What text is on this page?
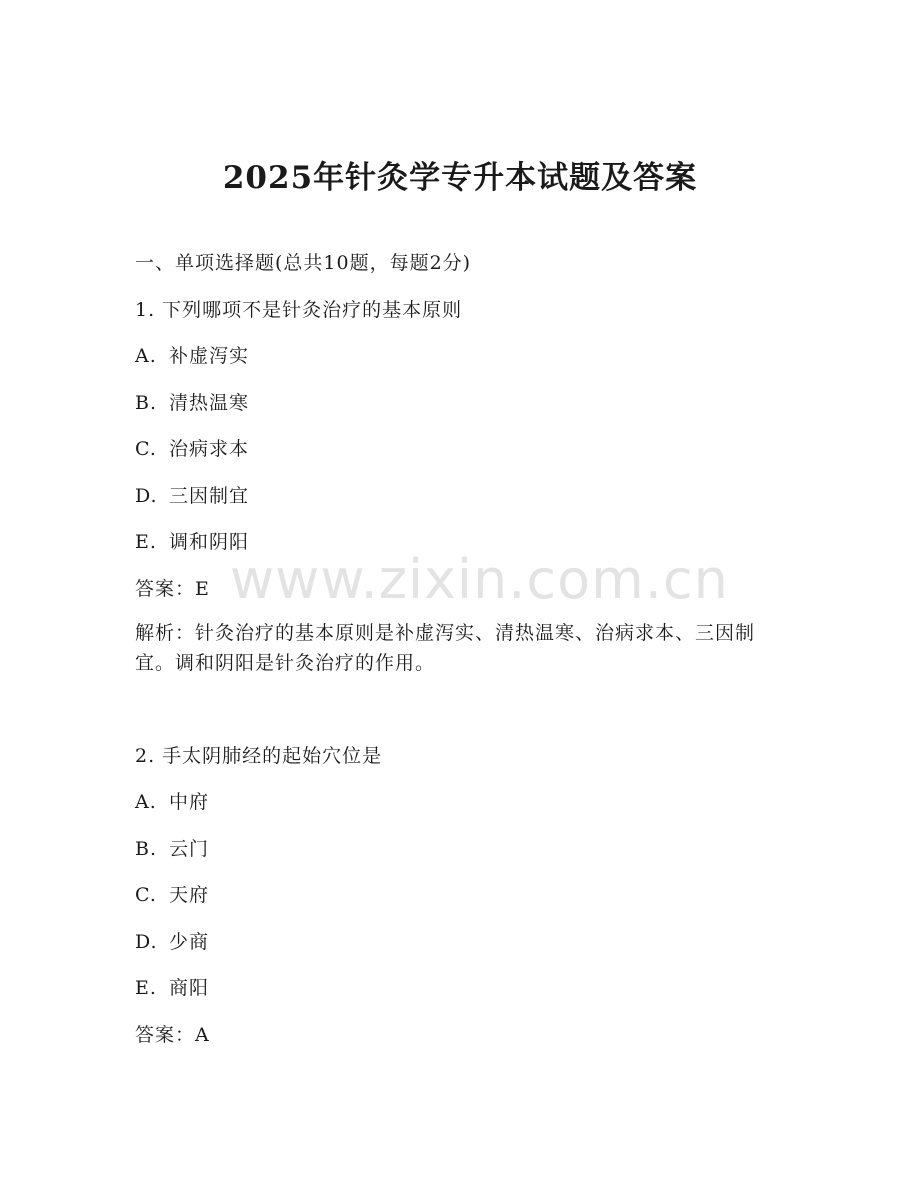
2025年针灸学专升本试题及答案
一、单项选择题(总共10题，每题2分)
1. 下列哪项不是针灸治疗的基本原则
A. 补虚泻实
B. 清热温寒
C. 治病求本
D. 三因制宜
E. 调和阴阳
答案：E
解析：针灸治疗的基本原则是补虚泻实、清热温寒、治病求本、三因制宜。调和阴阳是针灸治疗的作用。
2. 手太阴肺经的起始穴位是
A. 中府
B. 云门
C. 天府
D. 少商
E. 商阳
答案：A
www.zixin.com.cn
